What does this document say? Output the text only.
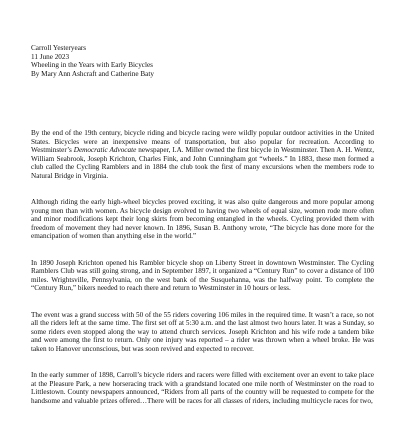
Carroll Yesteryears
11 June 2023
Wheeling in the Years with Early Bicycles
By Mary Ann Ashcraft and Catherine Baty

By the end of the 19th century, bicycle riding and bicycle racing were wildly popular outdoor activities in the United States. Bicycles were an inexpensive means of transportation, but also popular for recreation. According to Westminster’s Democratic Advocate newspaper, I.A. Miller owned the first bicycle in Westminster. Then A. H. Wentz, William Seabrook, Joseph Krichton, Charles Fink, and John Cunningham got “wheels.” In 1883, these men formed a club called the Cycling Ramblers and in 1884 the club took the first of many excursions when the members rode to Natural Bridge in Virginia.

Although riding the early high-wheel bicycles proved exciting, it was also quite dangerous and more popular among young men than with women. As bicycle design evolved to having two wheels of equal size, women rode more often and minor modifications kept their long skirts from becoming entangled in the wheels. Cycling provided them with freedom of movement they had never known. In 1896, Susan B. Anthony wrote, “The bicycle has done more for the emancipation of women than anything else in the world.”

In 1890 Joseph Krichton opened his Rambler bicycle shop on Liberty Street in downtown Westminster. The Cycling Ramblers Club was still going strong, and in September 1897, it organized a “Century Run” to cover a distance of 100 miles. Wrightsville, Pennsylvania, on the west bank of the Susquehanna, was the halfway point. To complete the “Century Run,” bikers needed to reach there and return to Westminster in 10 hours or less.

The event was a grand success with 50 of the 55 riders covering 106 miles in the required time. It wasn’t a race, so not all the riders left at the same time. The first set off at 5:30 a.m. and the last almost two hours later. It was a Sunday, so some riders even stopped along the way to attend church services. Joseph Krichton and his wife rode a tandem bike and were among the first to return. Only one injury was reported – a rider was thrown when a wheel broke. He was taken to Hanover unconscious, but was soon revived and expected to recover.

In the early summer of 1898, Carroll’s bicycle riders and racers were filled with excitement over an event to take place at the Pleasure Park, a new horseracing track with a grandstand located one mile north of Westminster on the road to Littlestown. County newspapers announced, “Riders from all parts of the country will be requested to compete for the handsome and valuable prizes offered…There will be races for all classes of riders, including multicycle races for two,
